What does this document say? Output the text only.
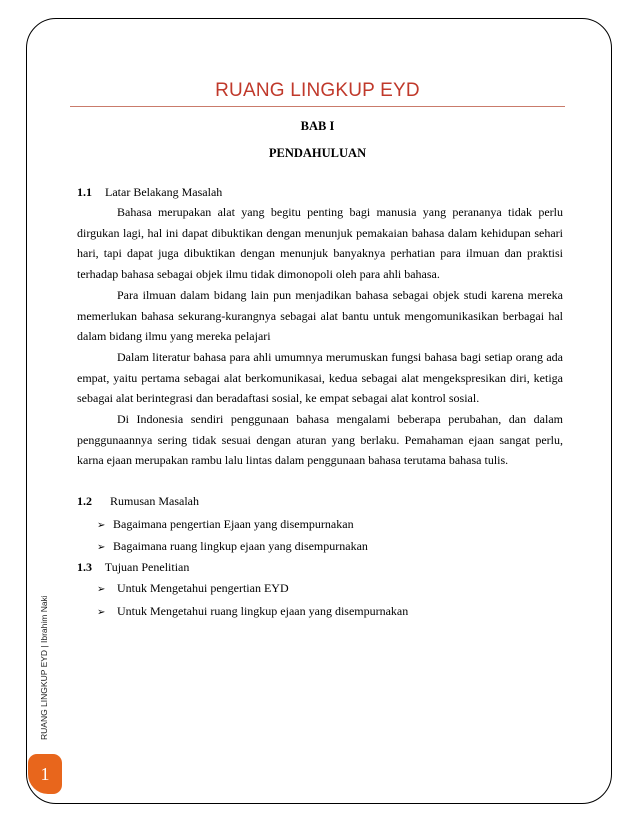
RUANG LINGKUP EYD
BAB I
PENDAHULUAN
1.1 Latar Belakang Masalah

Bahasa merupakan alat yang begitu penting bagi manusia yang perananya tidak perlu dirgukan lagi, hal ini dapat dibuktikan dengan menunjuk pemakaian bahasa dalam kehidupan sehari hari, tapi dapat juga dibuktikan dengan menunjuk banyaknya perhatian para ilmuan dan praktisi terhadap bahasa sebagai objek ilmu tidak dimonopoli oleh para ahli bahasa.

Para ilmuan dalam bidang lain pun menjadikan bahasa sebagai objek studi karena mereka memerlukan bahasa sekurang-kurangnya sebagai alat bantu untuk mengomunikasikan berbagai hal dalam bidang ilmu yang mereka pelajari

Dalam literatur bahasa para ahli umumnya merumuskan fungsi bahasa bagi setiap orang ada empat, yaitu pertama sebagai alat berkomunikasai, kedua sebagai alat mengekspresikan diri, ketiga sebagai alat berintegrasi dan beradaftasi sosial, ke empat sebagai alat kontrol sosial.

Di Indonesia sendiri penggunaan bahasa mengalami beberapa perubahan, dan dalam penggunaannya sering tidak sesuai dengan aturan yang berlaku. Pemahaman ejaan sangat perlu, karna ejaan merupakan rambu lalu lintas dalam penggunaan bahasa terutama bahasa tulis.

1.2 Rumusan Masalah
➢ Bagaimana pengertian Ejaan yang disempurnakan
➢ Bagaimana ruang lingkup ejaan yang disempurnakan
1.3 Tujuan Penelitian
➢ Untuk Mengetahui pengertian EYD
➢ Untuk Mengetahui ruang lingkup ejaan yang disempurnakan
RUANG LINGKUP EYD | Ibrahim Naki
1
